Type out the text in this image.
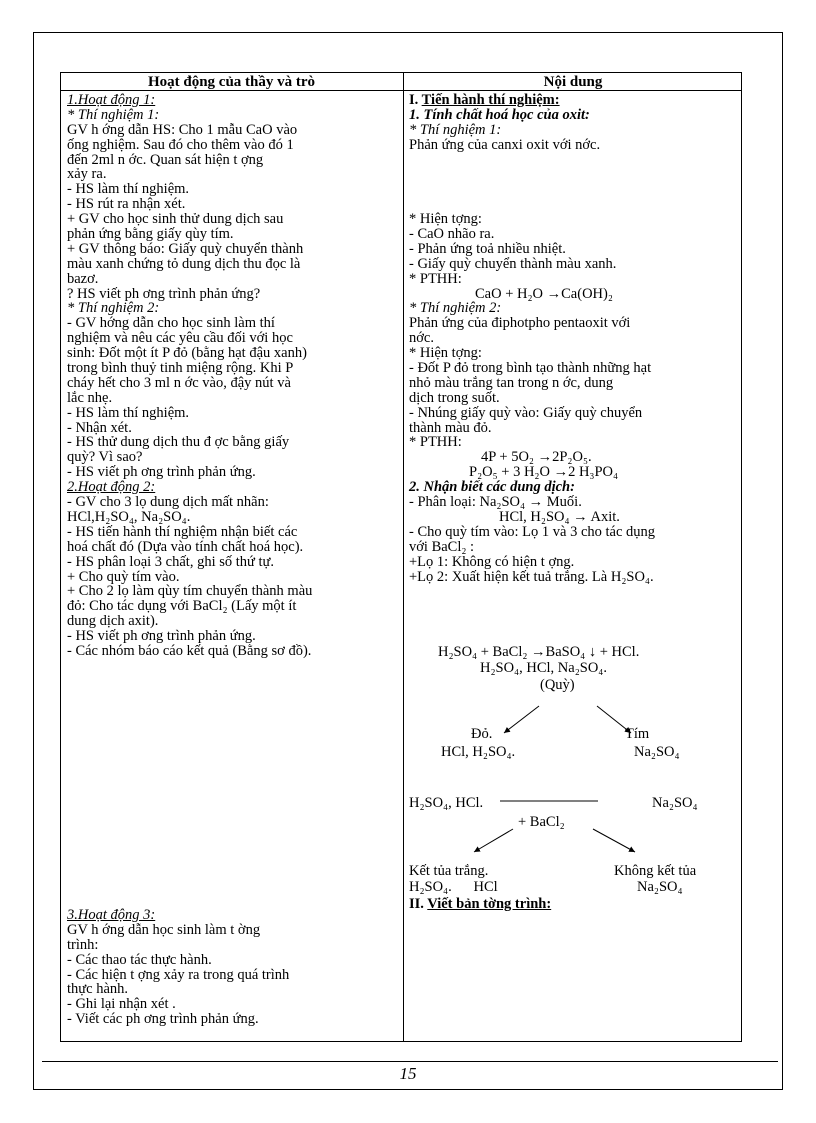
Hoạt động của thầy và trò	Nội dung
1.Hoạt động 1:
* Thí nghiệm 1:
GV h ớng dẫn HS: Cho 1 mẫu CaO vào
ống nghiệm. Sau đó cho thêm vào đó 1
đến 2ml n ớc. Quan sát hiện t ợng
xảy ra.
- HS làm thí nghiệm.
- HS rút ra nhận xét.
+ GV cho học sinh thử dung dịch sau
phản ứng bằng giấy qùy tím.
+ GV thông báo: Giấy quỳ chuyển thành
màu xanh chứng tỏ dung dịch thu đọc là
bazơ.
? HS viết ph ơng trình phản ứng?
* Thí nghiệm 2:
- GV hớng dẫn cho học sinh làm thí
nghiệm và nêu các yêu cầu đối với học
sinh: Đốt một ít P đỏ (bằng hạt đậu xanh)
trong bình thuỷ tinh miệng rộng. Khi P
cháy hết cho 3 ml n ớc vào, đậy nút và
lắc nhẹ.
- HS làm thí nghiệm.
- Nhận xét.
- HS thử dung dịch thu đ ợc bằng giấy
quỳ? Vì sao?
- HS viết ph ơng trình phản ứng.
2.Hoạt động 2:
- GV cho 3 lọ dung dịch mất nhãn:
HCl,H₂SO₄, Na₂SO₄.
- HS tiến hành thí nghiệm nhận biết các
hoá chất đó (Dựa vào tính chất hoá học).
- HS phân loại 3 chất, ghi số thứ tự.
+ Cho quỳ tím vào.
+ Cho 2 lọ làm qùy tím chuyển thành màu
đỏ: Cho tác dụng với BaCl₂ (Lấy một ít
dung dịch axit).
- HS viết ph ơng trình phản ứng.
- Các nhóm báo cáo kết quả (Bằng sơ đồ).
3.Hoạt động 3:
GV h ớng dẫn học sinh làm t ờng
trình:
- Các thao tác thực hành.
- Các hiện t ợng xảy ra trong quá trình
thực hành.
- Ghi lại nhận xét .
- Viết các ph ơng trình phản ứng.
I. Tiến hành thí nghiệm:
1. Tính chất hoá học của oxit:
* Thí nghiệm 1:
Phản ứng của canxi oxit với nớc.
* Hiện tợng:
- CaO nhão ra.
- Phản ứng toả nhiều nhiệt.
- Giấy quỳ chuyển thành màu xanh.
* PTHH:
CaO + H₂O →Ca(OH)₂
* Thí nghiệm 2:
Phản ứng của điphotpho pentaoxit với
nớc.
* Hiện tợng:
- Đốt P đỏ trong bình tạo thành những hạt
nhỏ màu trắng tan trong n ớc, dung
dịch trong suốt.
- Nhúng giấy quỳ vào: Giấy quỳ chuyển
thành màu đỏ.
* PTHH:
4P + 5O₂ →2P₂O₅.
P₂O₅ + 3 H₂O →2 H₃PO₄
2. Nhận biết các dung dịch:
- Phân loại: Na₂SO₄ → Muối.
HCl, H₂SO₄ → Axit.
- Cho quỳ tím vào: Lọ 1 và 3 cho tác dụng
với BaCl₂ :
+Lọ 1: Không có hiện t ợng.
+Lọ 2: Xuất hiện kết tuả trắng. Là H₂SO₄.
H₂SO₄ + BaCl₂ →BaSO₄ ↓ + HCl.
H₂SO₄, HCl, Na₂SO₄.
(Quỳ)
Đỏ.	Tím
HCl, H₂SO₄.	Na₂SO₄
H₂SO₄, HCl.	Na₂SO₄
+ BaCl₂
Kết tủa trắng.	Không kết tủa
H₂SO₄.      HCl	Na₂SO₄
II. Viết bản tờng trình:
15
